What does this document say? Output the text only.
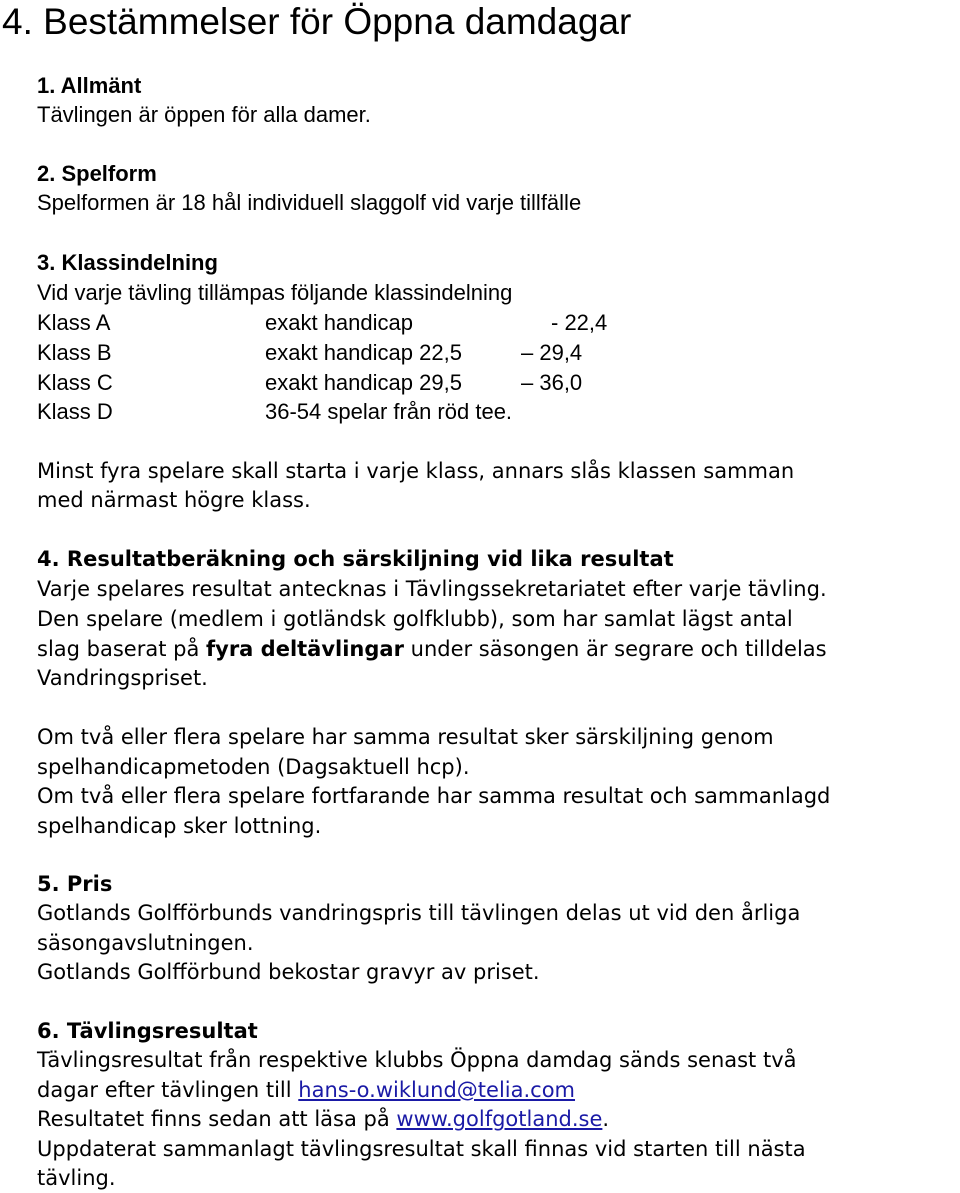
4. Bestämmelser för Öppna damdagar
1. Allmänt
Tävlingen är öppen för alla damer.
2. Spelform
Spelformen är 18 hål individuell slaggolf vid varje tillfälle
3. Klassindelning
Vid varje tävling tillämpas följande klassindelning
Klass A	exakt handicap	- 22,4
Klass B	exakt handicap 22,5	– 29,4
Klass C	exakt handicap 29,5	– 36,0
Klass D	36-54 spelar från röd tee.
Minst fyra spelare skall starta i varje klass, annars slås klassen samman
med närmast högre klass.
4. Resultatberäkning och särskiljning vid lika resultat
Varje spelares resultat antecknas i Tävlingssekretariatet efter varje tävling.
Den spelare (medlem i gotländsk golfklubb), som har samlat lägst antal
slag baserat på fyra deltävlingar under säsongen är segrare och tilldelas
Vandringspriset.
Om två eller flera spelare har samma resultat sker särskiljning genom
spelhandicapmetoden (Dagsaktuell hcp).
Om två eller flera spelare fortfarande har samma resultat och sammanlagd
spelhandicap sker lottning.
5. Pris
Gotlands Golfförbunds vandringspris till tävlingen delas ut vid den årliga
säsongavslutningen.
Gotlands Golfförbund bekostar gravyr av priset.
6. Tävlingsresultat
Tävlingsresultat från respektive klubbs Öppna damdag sänds senast två
dagar efter tävlingen till hans-o.wiklund@telia.com
Resultatet finns sedan att läsa på www.golfgotland.se.
Uppdaterat sammanlagt tävlingsresultat skall finnas vid starten till nästa
tävling.
